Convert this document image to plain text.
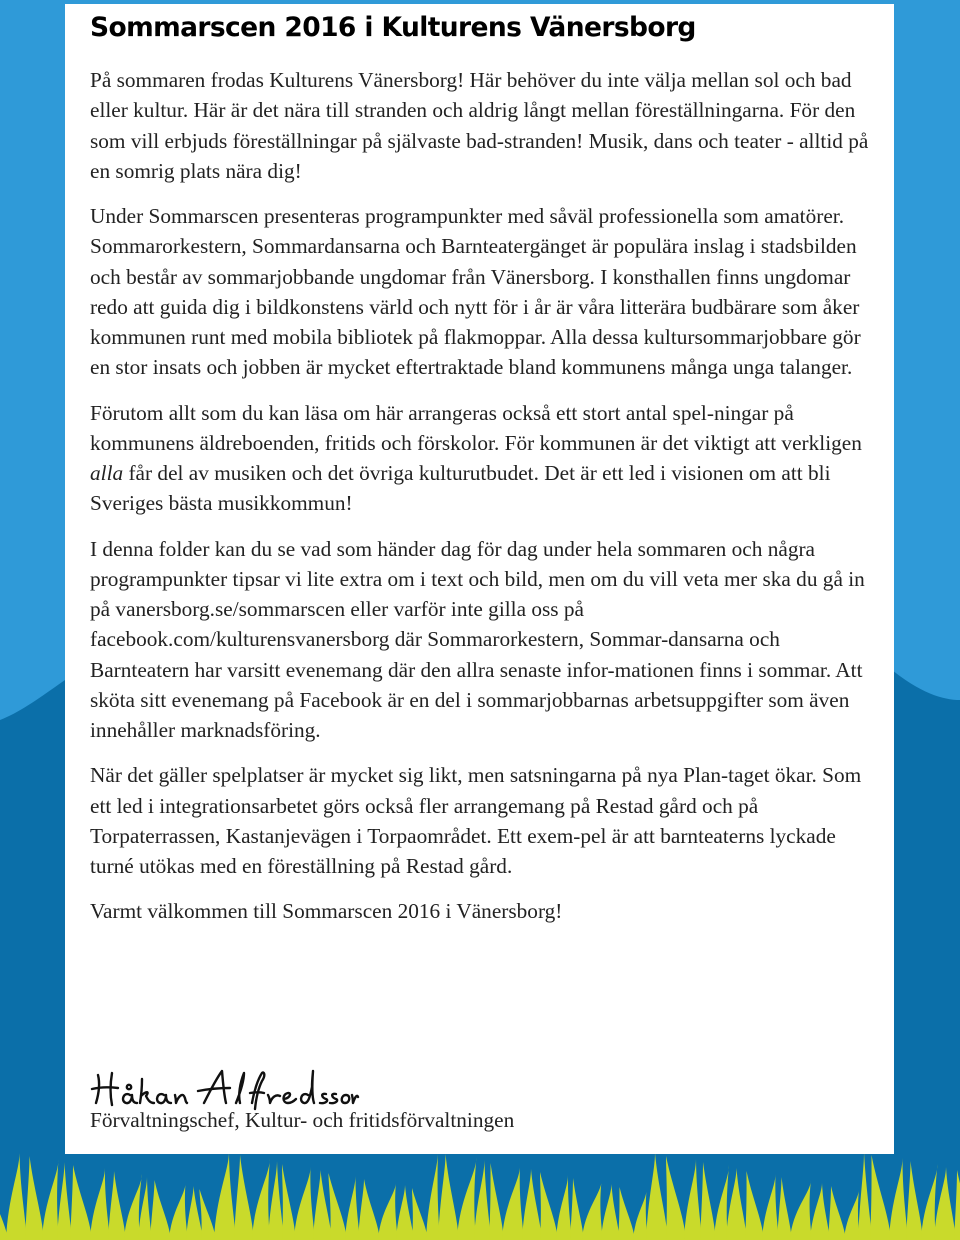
Sommarscen 2016 i Kulturens Vänersborg

På sommaren frodas Kulturens Vänersborg! Här behöver du inte välja mellan sol och bad eller kultur. Här är det nära till stranden och aldrig långt mellan föreställningarna. För den som vill erbjuds föreställningar på självaste bad-stranden! Musik, dans och teater - alltid på en somrig plats nära dig!

Under Sommarscen presenteras programpunkter med såväl professionella som amatörer. Sommarorkestern, Sommardansarna och Barnteatergänget är populära inslag i stadsbilden och består av sommarjobbande ungdomar från Vänersborg. I konsthallen finns ungdomar redo att guida dig i bildkonstens värld och nytt för i år är våra litterära budbärare som åker kommunen runt med mobila bibliotek på flakmoppar. Alla dessa kultursommarjobbare gör en stor insats och jobben är mycket eftertraktade bland kommunens många unga talanger.

Förutom allt som du kan läsa om här arrangeras också ett stort antal spel-ningar på kommunens äldreboenden, fritids och förskolor. För kommunen är det viktigt att verkligen alla får del av musiken och det övriga kulturutbudet. Det är ett led i visionen om att bli Sveriges bästa musikkommun!

I denna folder kan du se vad som händer dag för dag under hela sommaren och några programpunkter tipsar vi lite extra om i text och bild, men om du vill veta mer ska du gå in på vanersborg.se/sommarscen eller varför inte gilla oss på facebook.com/kulturensvanersborg där Sommarorkestern, Sommar-dansarna och Barnteatern har varsitt evenemang där den allra senaste infor-mationen finns i sommar. Att sköta sitt evenemang på Facebook är en del i sommarjobbarnas arbetsuppgifter som även innehåller marknadsföring.

När det gäller spelplatser är mycket sig likt, men satsningarna på nya Plan-taget ökar. Som ett led i integrationsarbetet görs också fler arrangemang på Restad gård och på Torpaterrassen, Kastanjevägen i Torpaområdet. Ett exem-pel är att barnteaterns lyckade turné utökas med en föreställning på Restad gård.

Varmt välkommen till Sommarscen 2016 i Vänersborg!

Förvaltningschef, Kultur- och fritidsförvaltningen
